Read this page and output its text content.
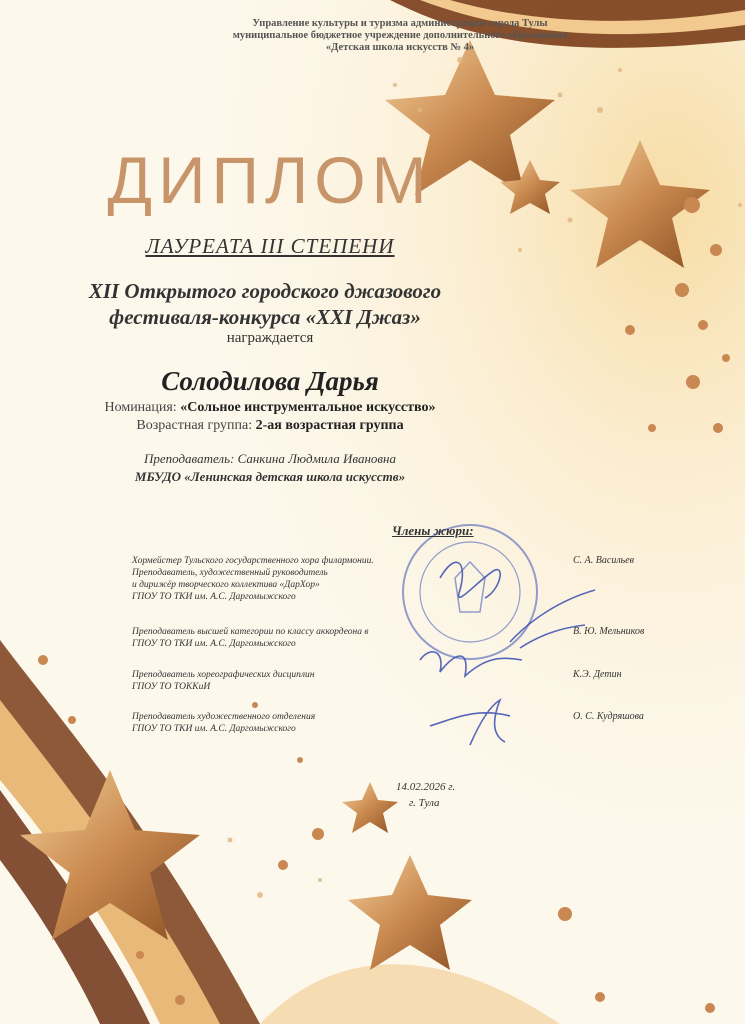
Управление культуры и туризма администрации города Тулы
муниципальное бюджетное учреждение дополнительного образования
«Детская школа искусств № 4»
ДИПЛОМ
ЛАУРЕАТА III СТЕПЕНИ
XII Открытого городского джазового
фестиваля-конкурса «XXI Джаз»
награждается
Солодилова Дарья
Номинация: «Сольное инструментальное искусство»
Возрастная группа: 2-ая возрастная группа
Преподаватель: Санкина Людмила Ивановна
МБУДО «Ленинская детская школа искусств»
Члены жюри:
Хормейстер Тульского государственного хора филармонии.
Преподаватель, художественный руководитель
и дирижёр творческого коллектива «ДарХор»
ГПОУ ТО ТКИ им. А.С. Даргомыжского
С. А. Васильев
Преподаватель высшей категории по классу аккордеона в
ГПОУ ТО ТКИ им. А.С. Даргомыжского
В. Ю. Мельников
Преподаватель хореографических дисциплин
ГПОУ ТО ТОККиИ
К.Э. Детин
Преподаватель художественного отделения
ГПОУ ТО ТКИ им. А.С. Даргомыжского
О. С. Кудряшова
14.02.2026 г.
г. Тула
